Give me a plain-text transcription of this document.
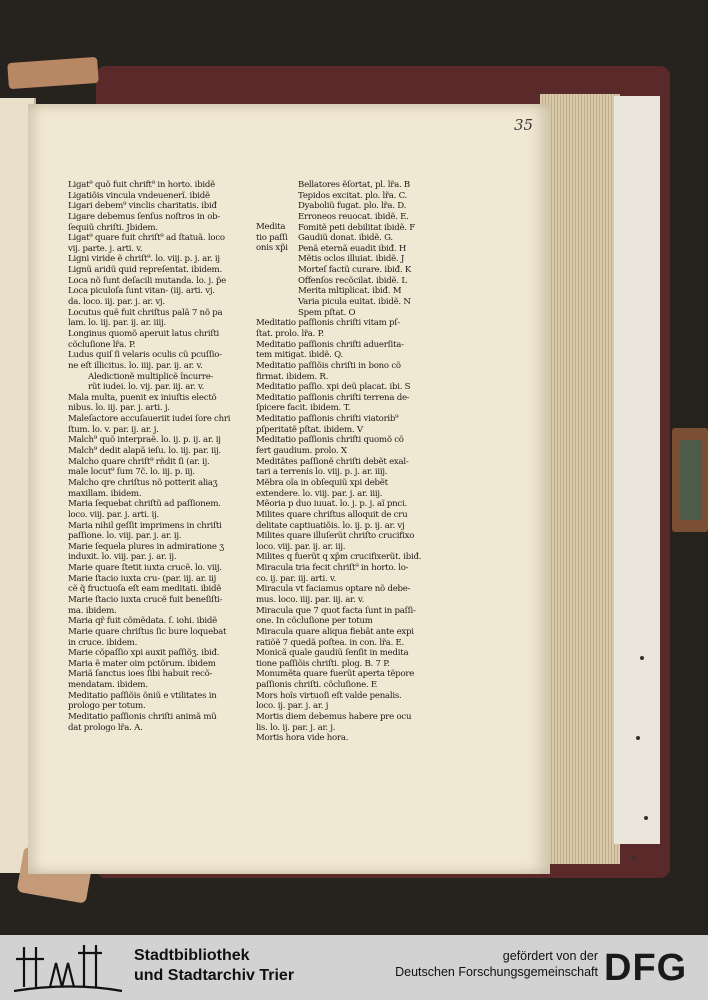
35
Ligat⁹ quõ fuit chrift⁹ in horto. ibidẽ
Ligatiõis vincula vndeuenerĩ. ibidẽ
Ligari debem⁹ vinclis charitatis. ibiđ
Ligare debemus ſenſus noſtros in ob-
ſequiũ chriſti. Jbidem.
Ligat⁹ quare fuit chriſt⁹ ad ſtatuã. loco
vij. parte. j. arti. v.
Ligni viride ẽ chriſt⁹. lo. viij. p. j. ar. ij
Lignũ aridũ quid repreſentat. ibidem.
Loca nõ ſunt deſacili mutanda. lo. j. p̃e
Loca piculoſa ſunt vitan- (iij. arti. vj.
da. loco. iij. par. j. ar. vj.
Locutus quẽ fuit chriſtus palã 7 nõ pa
lam. lo. iij. par. ij. ar. iiij.
Longinus quomõ aperuit latus chriſti
cõcluſione lr̃a. P.
Ludus quiſ ſi velaris oculis cũ pcuſſio-
ne eſt illicitus. lo. iiij. par. ij. ar. v.
Aledictionẽ multiplicẽ încurre-
rũt iudei. lo. vij. par. iij. ar. v.
Mala multa, puenit ex iniuſtis electõ
nibus. lo. iij. par. j. arti. j.
Maleſactore accuſaueriit iudei ſore chri
ſtum. lo. v. par. ij. ar. j.
Malch⁹ quõ interpraẽ. lo. ij. p. ij. ar. ij
Malch⁹ dedit alapã ieſu. lo. iij. par. iij.
Malcho quare chriſt⁹ rñdit ſi (ar. ij.
male locut⁹ ſum 7c̃. lo. iij. p. iij.
Malcho qre chriſtus nõ potterit aliaʒ
maxillam. ibidem.
Maria ſequebat chriſtũ ad paſſionem.
loco. viij. par. j. arti. ij.
Maria nihil geſſit imprimens in chriſti
paſſione. lo. viij. par. j. ar. ij.
Marie ſequela plures in admiratione ʒ
induxit. lo. viij. par. j. ar. ij.
Marie quare ſtetit iuxta crucẽ. lo. viij.
Marie ſtacio iuxta cru- (par. iij. ar. iij
cẽ q̃ fructuoſa eſt eam meditati. ibidẽ
Marie ſtacio iuxta crucẽ fuit beneſiſti-
ma. ibidem.
Maria qr̃ fuit cõmẽdata. ſ. iohi. ibidẽ
Marie quare chriſtus ſic bure loquebat
in cruce. ibidem.
Marie cõpaſſio xpi auxit paſſiõʒ. ibiđ.
Maria ẽ mater oim pctõrum. ibidem
Mariã ſanctus ioes ſibi habuit recõ-
mendatam. ibidem.
Meditatio paſſiõis õniũ e vtilitates in
prologo per totum.
Meditatio paſſionis chriſti animã mũ
dat prologo lr̃a. A.
Bellatores ẽſortat, pl̃. lr̃a. B
Tepidos excitat. plo. lr̃a. C.
Dyaboliũ fugat. plo. lr̃a. D.
Erroneos reuocat. ibidẽ. E.
Fomitẽ peti debilitat ibidẽ. F
Gaudiũ donat. ibidẽ. G.
Penã eternã euadit ibiđ. H
Mẽtis oclos illuiat. ibidẽ. J
Morteſ factũ curare. ibiđ. K
Offenſos recõcilat. ibidẽ. L
Merita mltiplicat. ibiđ. M
Varia picula euitat. ibidẽ. N
Spem pſtat. O
Medita
tio paſſi
onis xp̃i
Meditatio paſſionis chriſti vitam pſ-
ſtat. prolo. lr̃a. P.
Meditatio paſſionis chriſti aduerſita-
tem mitigat. ibidẽ. Q.
Meditatio paſſiõis chriſti in bono cõ
firmat. ibidem. R.
Meditatio paſſio. xpi deũ placat. ibi. S
Meditatio paſſionis chriſti terrena de-
ſpicere facit. ibidem. T.
Meditatio paſſionis chriſti viatorib⁹
pſperitatẽ pſtat. ibidem. V
Meditatio paſſionis chriſti quomõ cõ
fert gaudium. prolo. X
Meditãtes paſſionẽ chriſti debẽt exal-
tari a terrenis lo. viij. p. j. ar. iiij.
Mẽbra oĩa in obſequiũ xpi debẽt
extendere. lo. viij. par. j. ar. iiij.
Mẽoria p duo iuuat. lo. j. p. j. aĩ pnci.
Milites quare chriſtus alloquit de cru
delitate captiuatiõis. lo. ij. p. ij. ar. vj
Milites quare illuſerũt chriſto crucifixo
loco. viij. par. ij. ar. iij.
Milites q fuerũt q xp̃m crucifixerũt. ibiđ.
Miracula tria fecit chriſt⁹ in horto. lo-
co. ij. par. iij. arti. v.
Miracula vt faciamus optare nõ debe-
mus. loco. iiij. par. iij. ar. v.
Miracula que 7 quot facta ſunt in paſſi-
one. In cõcluſione per totum
Miracula quare aliqua fiebãt ante expi
ratiõẽ 7 quedã poſtea. in con. lr̃a. E.
Monicã quale gaudiũ ſenſit in medita
tione paſſiõis chriſti. plog. B. 7 P.
Monumẽta quare fuerũt aperta tẽpore
paſſionis chriſti. cõcluſione. E
Mors hoĩs virtuoſi eſt valde penalis.
loco. ij. par. j. ar. j
Mortis diem debemus habere pre ocu
lis. lo. ij. par. j. ar. j.
Mortis hora vide hora.
Stadtbibliothek
und Stadtarchiv Trier
gefördert von der
Deutschen Forschungsgemeinschaft DFG
